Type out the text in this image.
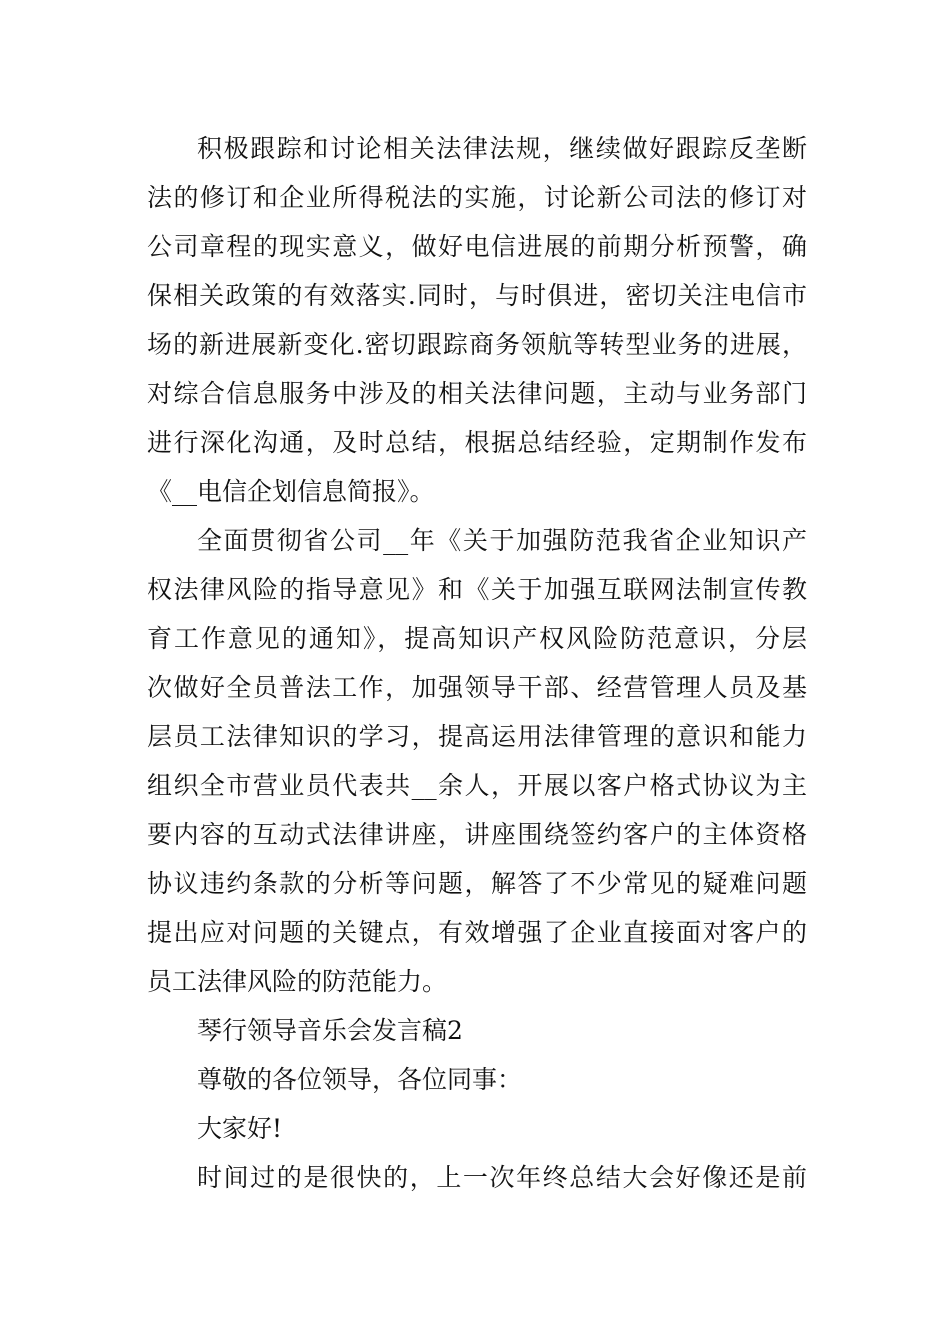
积极跟踪和讨论相关法律法规，继续做好跟踪反垄断
法的修订和企业所得税法的实施，讨论新公司法的修订对
公司章程的现实意义，做好电信进展的前期分析预警，确
保相关政策的有效落实.同时，与时俱进，密切关注电信市
场的新进展新变化.密切跟踪商务领航等转型业务的进展，
对综合信息服务中涉及的相关法律问题，主动与业务部门
进行深化沟通，及时总结，根据总结经验，定期制作发布
《__电信企划信息简报》。
全面贯彻省公司__年《关于加强防范我省企业知识产
权法律风险的指导意见》和《关于加强互联网法制宣传教
育工作意见的通知》，提高知识产权风险防范意识，分层
次做好全员普法工作，加强领导干部、经营管理人员及基
层员工法律知识的学习，提高运用法律管理的意识和能力
组织全市营业员代表共__余人，开展以客户格式协议为主
要内容的互动式法律讲座，讲座围绕签约客户的主体资格
协议违约条款的分析等问题，解答了不少常见的疑难问题
提出应对问题的关键点，有效增强了企业直接面对客户的
员工法律风险的防范能力。
琴行领导音乐会发言稿2
尊敬的各位领导，各位同事：
大家好!
时间过的是很快的，上一次年终总结大会好像还是前
